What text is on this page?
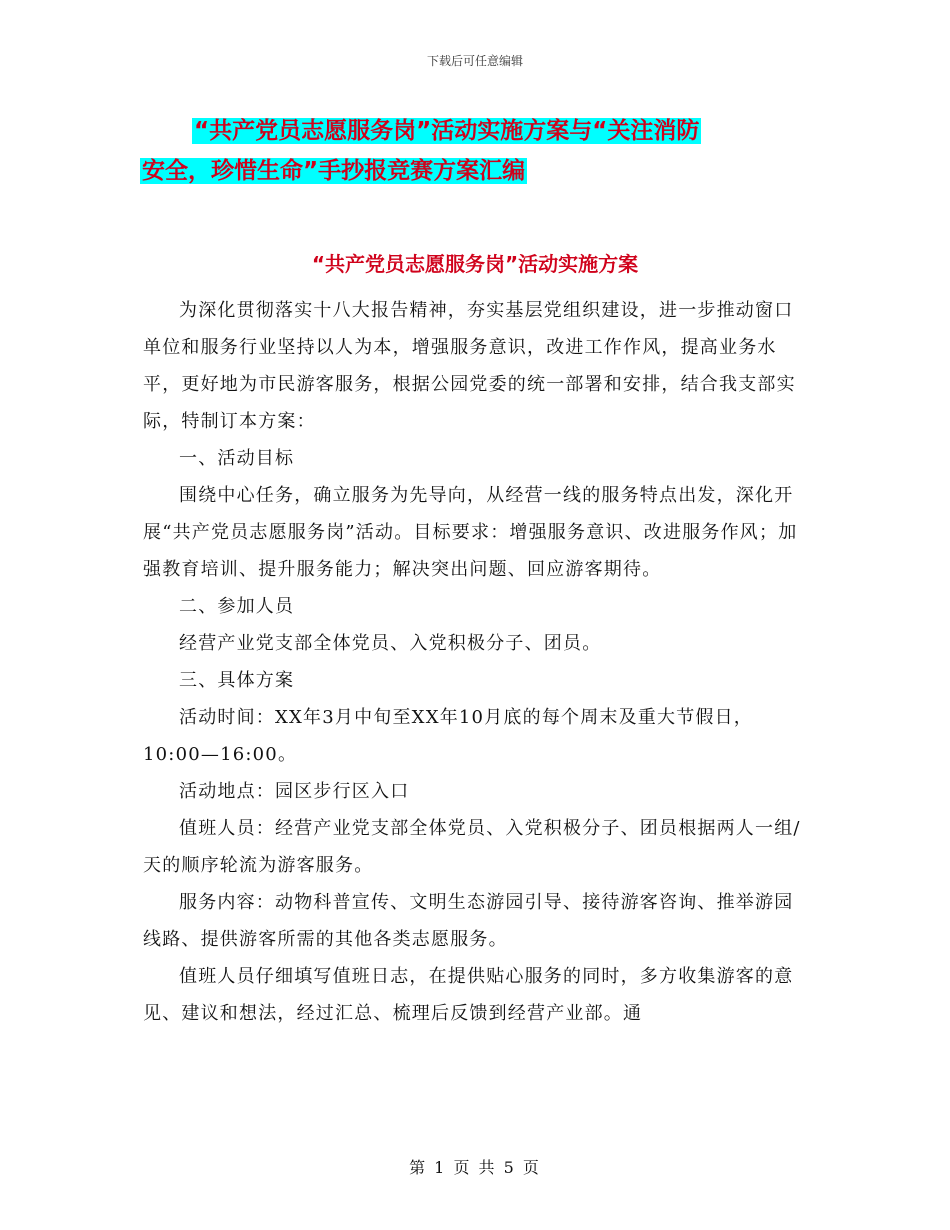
下载后可任意编辑
“共产党员志愿服务岗”活动实施方案与“关注消防
安全，珍惜生命”手抄报竞赛方案汇编
“共产党员志愿服务岗”活动实施方案

为深化贯彻落实十八大报告精神，夯实基层党组织建设，进一步推动窗口单位和服务行业坚持以人为本，增强服务意识，改进工作作风，提高业务水平，更好地为市民游客服务，根据公园党委的统一部署和安排，结合我支部实际，特制订本方案：

一、活动目标

围绕中心任务，确立服务为先导向，从经营一线的服务特点出发，深化开展“共产党员志愿服务岗”活动。目标要求：增强服务意识、改进服务作风；加强教育培训、提升服务能力；解决突出问题、回应游客期待。

二、参加人员

经营产业党支部全体党员、入党积极分子、团员。

三、具体方案

活动时间：XX年3月中旬至XX年10月底的每个周末及重大节假日，10:00—16:00。

活动地点：园区步行区入口

值班人员：经营产业党支部全体党员、入党积极分子、团员根据两人一组/天的顺序轮流为游客服务。

服务内容：动物科普宣传、文明生态游园引导、接待游客咨询、推举游园线路、提供游客所需的其他各类志愿服务。

值班人员仔细填写值班日志，在提供贴心服务的同时，多方收集游客的意见、建议和想法，经过汇总、梳理后反馈到经营产业部。通

第 1 页 共 5 页
